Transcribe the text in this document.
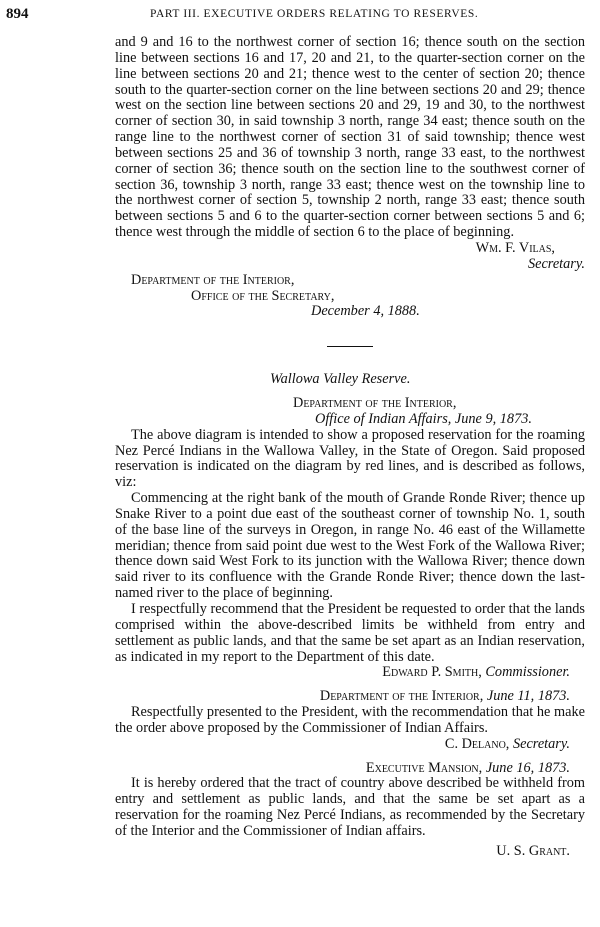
894	PART III. EXECUTIVE ORDERS RELATING TO RESERVES.

and 9 and 16 to the northwest corner of section 16; thence south on the section line between sections 16 and 17, 20 and 21, to the quarter-section corner on the line between sections 20 and 21; thence west to the center of section 20; thence south to the quarter-section corner on the line between sections 20 and 29; thence west on the section line between sections 20 and 29, 19 and 30, to the northwest corner of section 30, in said township 3 north, range 34 east; thence south on the range line to the northwest corner of section 31 of said township; thence west between sections 25 and 36 of township 3 north, range 33 east, to the northwest corner of section 36; thence south on the section line to the southwest corner of section 36, township 3 north, range 33 east; thence west on the township line to the northwest corner of section 5, township 2 north, range 33 east; thence south between sections 5 and 6 to the quarter-section corner between sections 5 and 6; thence west through the middle of section 6 to the place of beginning.

Wm. F. Vilas,

Secretary.

Department of the Interior,

Office of the Secretary,

December 4, 1888.

Wallowa Valley Reserve.

Department of the Interior,

Office of Indian Affairs, June 9, 1873.

The above diagram is intended to show a proposed reservation for the roaming Nez Percé Indians in the Wallowa Valley, in the State of Oregon. Said proposed reservation is indicated on the diagram by red lines, and is described as follows, viz:

Commencing at the right bank of the mouth of Grande Ronde River; thence up Snake River to a point due east of the southeast corner of township No. 1, south of the base line of the surveys in Oregon, in range No. 46 east of the Willamette meridian; thence from said point due west to the West Fork of the Wallowa River; thence down said West Fork to its junction with the Wallowa River; thence down said river to its confluence with the Grande Ronde River; thence down the last-named river to the place of beginning.

I respectfully recommend that the President be requested to order that the lands comprised within the above-described limits be withheld from entry and settlement as public lands, and that the same be set apart as an Indian reservation, as indicated in my report to the Department of this date.

Edward P. Smith, Commissioner.

Department of the Interior, June 11, 1873.

Respectfully presented to the President, with the recommendation that he make the order above proposed by the Commissioner of Indian Affairs.

C. Delano, Secretary.

Executive Mansion, June 16, 1873.

It is hereby ordered that the tract of country above described be withheld from entry and settlement as public lands, and that the same be set apart as a reservation for the roaming Nez Percé Indians, as recommended by the Secretary of the Interior and the Commissioner of Indian affairs.

U. S. Grant.
